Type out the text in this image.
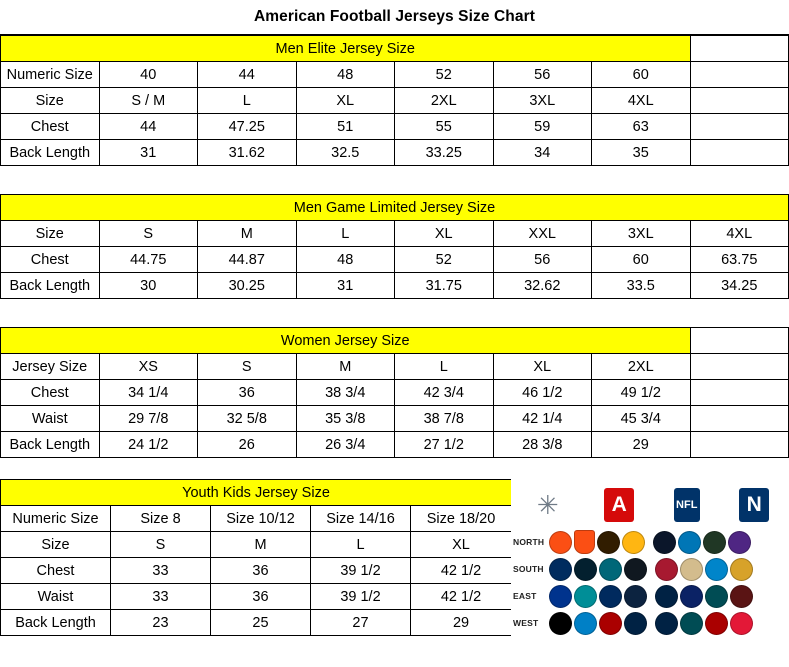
American Football Jerseys Size Chart
Men Elite Jersey Size							
Numeric Size	40	44	48	52	56	60	
Size	S / M	L	XL	2XL	3XL	4XL	
Chest	44	47.25	51	55	59	63	
Back Length	31	31.62	32.5	33.25	34	35	
Men Game Limited Jersey Size							
Size	S	M	L	XL	XXL	3XL	4XL
Chest	44.75	44.87	48	52	56	60	63.75
Back Length	30	30.25	31	31.75	32.62	33.5	34.25
Women Jersey Size							
Jersey Size	XS	S	M	L	XL	2XL	
Chest	34 1/4	36	38 3/4	42 3/4	46 1/2	49 1/2	
Waist	29 7/8	32 5/8	35 3/8	38 7/8	42 1/4	45 3/4	
Back Length	24 1/2	26	26 3/4	27 1/2	28 3/8	29	
Youth Kids Jersey Size				
Numeric Size	Size 8	Size 10/12	Size 14/16	Size 18/20
Size	S	M	L	XL
Chest	33	36	39 1/2	42 1/2
Waist	33	36	39 1/2	42 1/2
Back Length	23	25	27	29
✳	A	NFL	N
NORTH
SOUTH
EAST
WEST
